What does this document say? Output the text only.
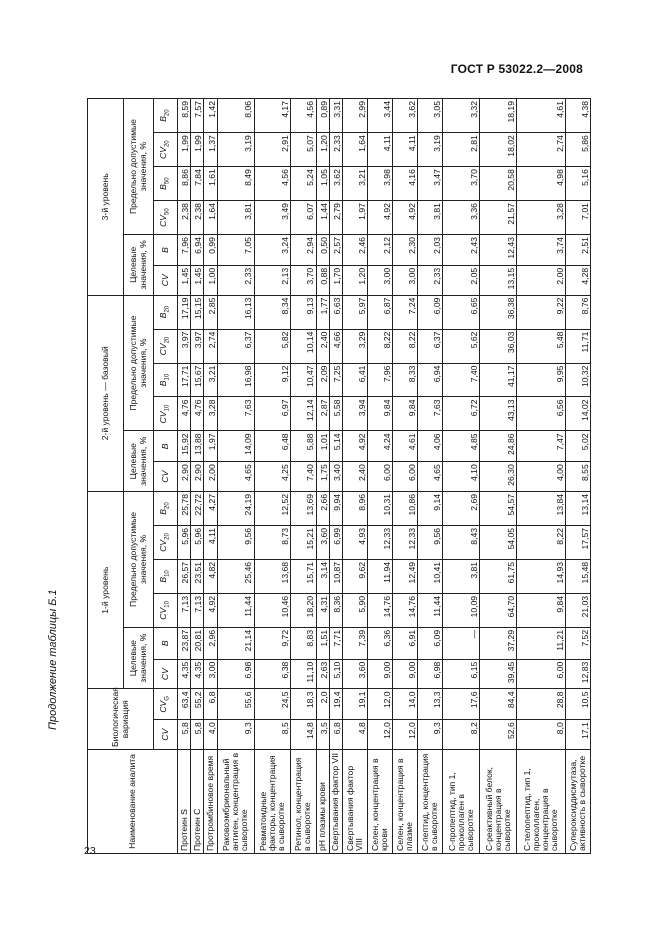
ГОСТ Р 53022.2—2008
Продолжение таблицы Б.1
23
Наименование аналита	Биологическая вариация		1-й уровень						2-й уровень — базовый						3-й уровень					
			Целевые значения, %		Предельно допустимые значения, %				Целевые значения, %		Предельно допустимые значения, %				Целевые значения, %		Предельно допустимые значения, %			
	CV	$CV_G$	CV	B	$CV_{10}$	$B_{10}$	$CV_{20}$	$B_{20}$	CV	B	$CV_{10}$	$B_{10}$	$CV_{20}$	$B_{20}$	CV	B	$CV_{50}$	$B_{50}$	$CV_{20}$	$B_{20}$
Протеин S	5,8	63,4	4,35	23,87	7,13	26,57	5,96	25,78	2,90	15,92	4,76	17,71	3,97	17,19	1,45	7,96	2,38	8,86	1,99	8,59
Протеин C	5,8	55,2	4,35	20,81	7,13	23,51	5,96	22,72	2,90	13,88	4,76	15,67	3,97	15,15	1,45	6,94	2,38	7,84	1,99	7,57
Протромбиновое время	4,0	6,8	3,00	2,96	4,92	4,82	4,11	4,27	2,00	1,97	3,28	3,21	2,74	2,85	1,00	0,99	1,64	1,61	1,37	1,42
Раковоэмбриональный антиген, концентрация в сыворотке	9,3	55,6	6,98	21,14	11,44	25,46	9,56	24,19	4,65	14,09	7,63	16,98	6,37	16,13	2,33	7,05	3,81	8,49	3,19	8,06
Ревматоидные факторы, концентрация в сыворотке	8,5	24,5	6,38	9,72	10,46	13,68	8,73	12,52	4,25	6,48	6,97	9,12	5,82	8,34	2,13	3,24	3,49	4,56	2,91	4,17
Ретинол, концентрация в сыворотке	14,8	18,3	11,10	8,83	18,20	15,71	15,21	13,69	7,40	5,88	12,14	10,47	10,14	9,13	3,70	2,94	6,07	5,24	5,07	4,56
pH плазмы крови	3,5	2,0	2,63	1,51	4,31	3,14	3,60	2,66	1,75	1,01	2,87	2,09	2,40	1,77	0,88	0,50	1,44	1,05	1,20	0,89
Свертывания фактор VII	6,8	19,4	5,10	7,71	8,36	10,87	6,99	9,94	3,40	5,14	5,58	7,25	4,66	6,63	1,70	2,57	2,79	3,62	2,33	3,31
Свертывания фактор VIII	4,8	19,1	3,60	7,39	5,90	9,62	4,93	8,96	2,40	4,92	3,94	6,41	3,29	5,97	1,20	2,46	1,97	3,21	1,64	2,99
Селен, концентрация в крови	12,0	12,0	9,00	6,36	14,76	11,94	12,33	10,31	6,00	4,24	9,84	7,96	8,22	6,87	3,00	2,12	4,92	3,98	4,11	3,44
Селен, концентрация в плазме	12,0	14,0	9,00	6,91	14,76	12,49	12,33	10,86	6,00	4,61	9,84	8,33	8,22	7,24	3,00	2,30	4,92	4,16	4,11	3,62
С-пептид, концентрация в сыворотке	9,3	13,3	6,98	6,09	11,44	10,41	9,56	9,14	4,65	4,06	7,63	6,94	6,37	6,09	2,33	2,03	3,81	3,47	3,19	3,05
С-пропептид, тип 1, проколлаген в сыворотке	8,2	17,6	6,15	—	10,09	3,81	8,43	2,69	4,10	4,85	6,72	7,40	5,62	6,65	2,05	2,43	3,36	3,70	2,81	3,32
С-реактивный белок, концентрация в сыворотке	52,6	84,4	39,45	37,29	64,70	61,75	54,05	54,57	26,30	24,86	43,13	41,17	36,03	36,38	13,15	12,43	21,57	20,58	18,02	18,19
С-телопептид, тип 1, проколлаген, концентрация в сыворотке	8,0	28,8	6,00	11,21	9,84	14,93	8,22	13,84	4,00	7,47	6,56	9,95	5,48	9,22	2,00	3,74	3,28	4,98	2,74	4,61
Супероксиддисмутаза, активность в сыворотке	17,1	10,5	12,83	7,52	21,03	15,48	17,57	13,14	8,55	5,02	14,02	10,32	11,71	8,76	4,28	2,51	7,01	5,16	5,86	4,38
